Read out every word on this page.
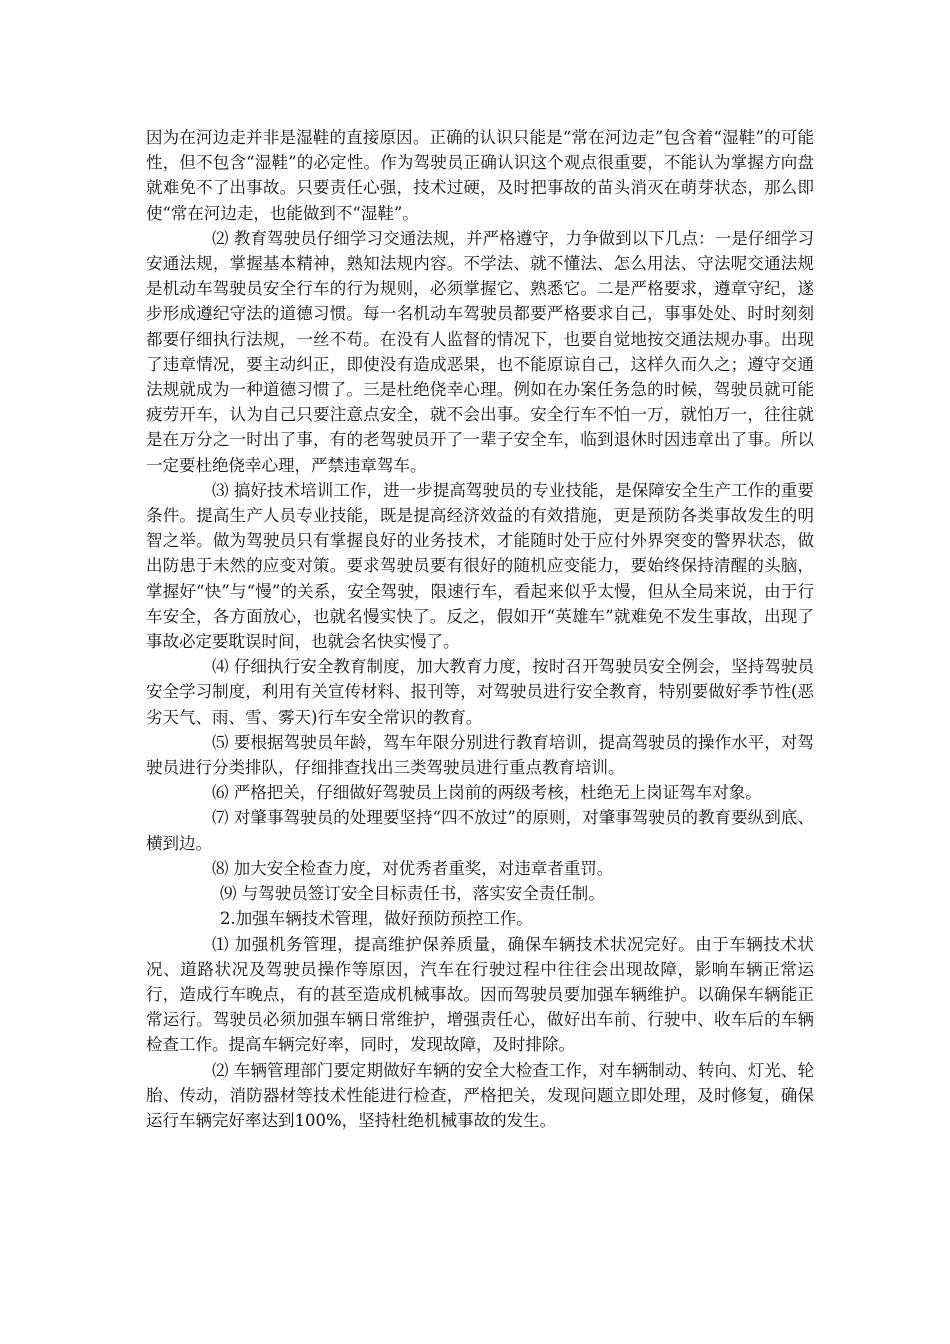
因为在河边走并非是湿鞋的直接原因。正确的认识只能是“常在河边走”包含着“湿鞋”的可能性，但不包含“湿鞋”的必定性。作为驾驶员正确认识这个观点很重要，不能认为掌握方向盘就难免不了出事故。只要责任心强，技术过硬，及时把事故的苗头消灭在萌芽状态，那么即使“常在河边走，也能做到不“湿鞋”。

⑵ 教育驾驶员仔细学习交通法规，并严格遵守，力争做到以下几点：一是仔细学习安通法规，掌握基本精神，熟知法规内容。不学法、就不懂法、怎么用法、守法呢交通法规是机动车驾驶员安全行车的行为规则，必须掌握它、熟悉它。二是严格要求，遵章守纪，遂步形成遵纪守法的道德习惯。每一名机动车驾驶员都要严格要求自己，事事处处、时时刻刻都要仔细执行法规，一丝不苟。在没有人监督的情况下，也要自觉地按交通法规办事。出现了违章情况，要主动纠正，即使没有造成恶果，也不能原谅自己，这样久而久之；遵守交通法规就成为一种道德习惯了。三是杜绝侥幸心理。例如在办案任务急的时候，驾驶员就可能疲劳开车，认为自己只要注意点安全，就不会出事。安全行车不怕一万，就怕万一，往往就是在万分之一时出了事，有的老驾驶员开了一辈子安全车，临到退休时因违章出了事。所以一定要杜绝侥幸心理，严禁违章驾车。

⑶ 搞好技术培训工作，进一步提高驾驶员的专业技能，是保障安全生产工作的重要条件。提高生产人员专业技能，既是提高经济效益的有效措施，更是预防各类事故发生的明智之举。做为驾驶员只有掌握良好的业务技术，才能随时处于应付外界突变的警界状态，做出防患于未然的应变对策。要求驾驶员要有很好的随机应变能力，要始终保持清醒的头脑，掌握好“快”与“慢”的关系，安全驾驶，限速行车，看起来似乎太慢，但从全局来说，由于行车安全，各方面放心，也就名慢实快了。反之，假如开“英雄车”就难免不发生事故，出现了事故必定要耽误时间，也就会名快实慢了。

⑷ 仔细执行安全教育制度，加大教育力度，按时召开驾驶员安全例会，坚持驾驶员安全学习制度，利用有关宣传材料、报刊等，对驾驶员进行安全教育，特别要做好季节性(恶劣天气、雨、雪、雾天)行车安全常识的教育。

⑸ 要根据驾驶员年龄，驾车年限分别进行教育培训，提高驾驶员的操作水平，对驾驶员进行分类排队，仔细排查找出三类驾驶员进行重点教育培训。

⑹ 严格把关，仔细做好驾驶员上岗前的两级考核，杜绝无上岗证驾车对象。

⑺ 对肇事驾驶员的处理要坚持“四不放过”的原则，对肇事驾驶员的教育要纵到底、横到边。

⑻ 加大安全检查力度，对优秀者重奖，对违章者重罚。

⑼ 与驾驶员签订安全目标责任书，落实安全责任制。

2.加强车辆技术管理，做好预防预控工作。

⑴ 加强机务管理，提高维护保养质量，确保车辆技术状况完好。由于车辆技术状况、道路状况及驾驶员操作等原因，汽车在行驶过程中往往会出现故障，影响车辆正常运行，造成行车晚点，有的甚至造成机械事故。因而驾驶员要加强车辆维护。以确保车辆能正常运行。驾驶员必须加强车辆日常维护，增强责任心，做好出车前、行驶中、收车后的车辆检查工作。提高车辆完好率，同时，发现故障，及时排除。

⑵ 车辆管理部门要定期做好车辆的安全大检查工作，对车辆制动、转向、灯光、轮胎、传动，消防器材等技术性能进行检查，严格把关，发现问题立即处理，及时修复，确保运行车辆完好率达到100%，坚持杜绝机械事故的发生。
